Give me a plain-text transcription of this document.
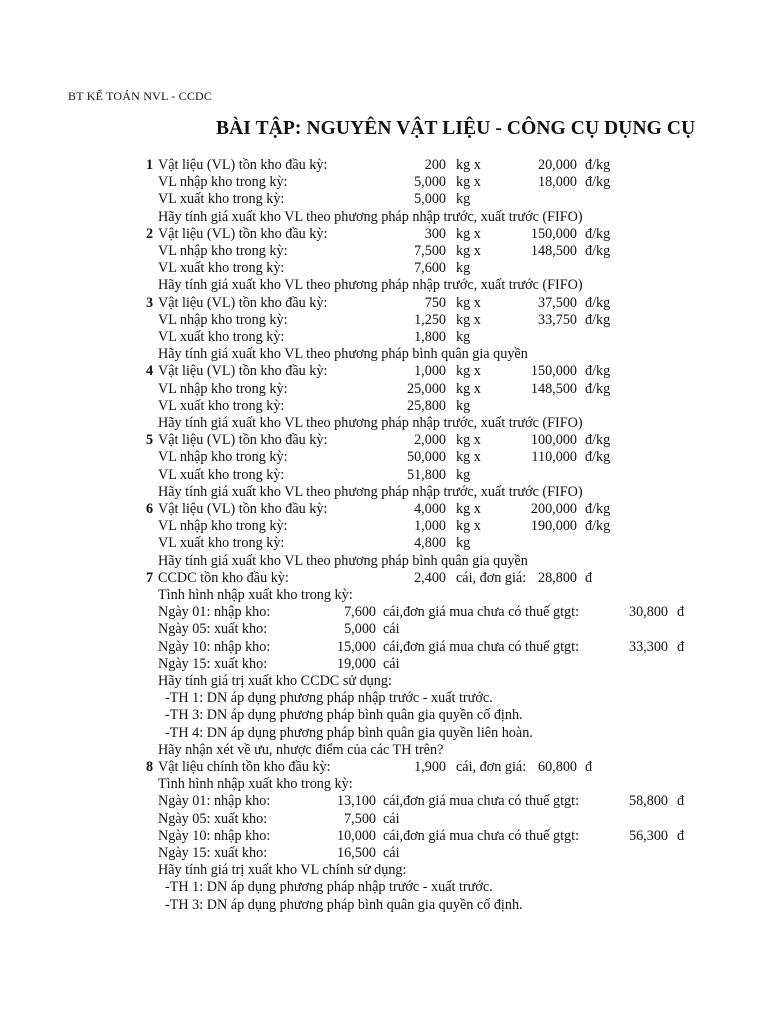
BT KẾ TOÁN NVL - CCDC
BÀI TẬP: NGUYÊN VẬT LIỆU - CÔNG CỤ DỤNG CỤ
1 Vật liệu (VL) tồn kho đầu kỳ:	200 kg x	20,000 đ/kg
VL nhập kho trong kỳ:	5,000 kg x	18,000 đ/kg
VL xuất kho trong kỳ:	5,000 kg
Hãy tính giá xuất kho VL theo phương pháp nhập trước, xuất trước (FIFO)
2 Vật liệu (VL) tồn kho đầu kỳ:	300 kg x	150,000 đ/kg
VL nhập kho trong kỳ:	7,500 kg x	148,500 đ/kg
VL xuất kho trong kỳ:	7,600 kg
Hãy tính giá xuất kho VL theo phương pháp nhập trước, xuất trước (FIFO)
3 Vật liệu (VL) tồn kho đầu kỳ:	750 kg x	37,500 đ/kg
VL nhập kho trong kỳ:	1,250 kg x	33,750 đ/kg
VL xuất kho trong kỳ:	1,800 kg
Hãy tính giá xuất kho VL theo phương pháp bình quân gia quyền
4 Vật liệu (VL) tồn kho đầu kỳ:	1,000 kg x	150,000 đ/kg
VL nhập kho trong kỳ:	25,000 kg x	148,500 đ/kg
VL xuất kho trong kỳ:	25,800 kg
Hãy tính giá xuất kho VL theo phương pháp nhập trước, xuất trước (FIFO)
5 Vật liệu (VL) tồn kho đầu kỳ:	2,000 kg x	100,000 đ/kg
VL nhập kho trong kỳ:	50,000 kg x	110,000 đ/kg
VL xuất kho trong kỳ:	51,800 kg
Hãy tính giá xuất kho VL theo phương pháp nhập trước, xuất trước (FIFO)
6 Vật liệu (VL) tồn kho đầu kỳ:	4,000 kg x	200,000 đ/kg
VL nhập kho trong kỳ:	1,000 kg x	190,000 đ/kg
VL xuất kho trong kỳ:	4,800 kg
Hãy tính giá xuất kho VL theo phương pháp bình quân gia quyền
7 CCDC tồn kho đầu kỳ:	2,400 cái, đơn giá: 28,800 đ
Tình hình nhập xuất kho trong kỳ:
Ngày 01: nhập kho:	7,600 cái,đơn giá mua chưa có thuế gtgt:	30,800 đ
Ngày 05: xuất kho:	5,000 cái
Ngày 10: nhập kho:	15,000 cái,đơn giá mua chưa có thuế gtgt:	33,300 đ
Ngày 15: xuất kho:	19,000 cái
Hãy tính giá trị xuất kho CCDC sử dụng:
-TH 1: DN áp dụng phương pháp nhập trước - xuất trước.
-TH 3: DN áp dụng phương pháp bình quân gia quyền cố định.
-TH 4: DN áp dụng phương pháp bình quân gia quyền liên hoàn.
Hãy nhận xét về ưu, nhược điểm của các TH trên?
8 Vật liệu chính tồn kho đầu kỳ:	1,900 cái, đơn giá: 60,800 đ
Tình hình nhập xuất kho trong kỳ:
Ngày 01: nhập kho:	13,100 cái,đơn giá mua chưa có thuế gtgt:	58,800 đ
Ngày 05: xuất kho:	7,500 cái
Ngày 10: nhập kho:	10,000 cái,đơn giá mua chưa có thuế gtgt:	56,300 đ
Ngày 15: xuất kho:	16,500 cái
Hãy tính giá trị xuất kho VL chính sử dụng:
-TH 1: DN áp dụng phương pháp nhập trước - xuất trước.
-TH 3: DN áp dụng phương pháp bình quân gia quyền cố định.
